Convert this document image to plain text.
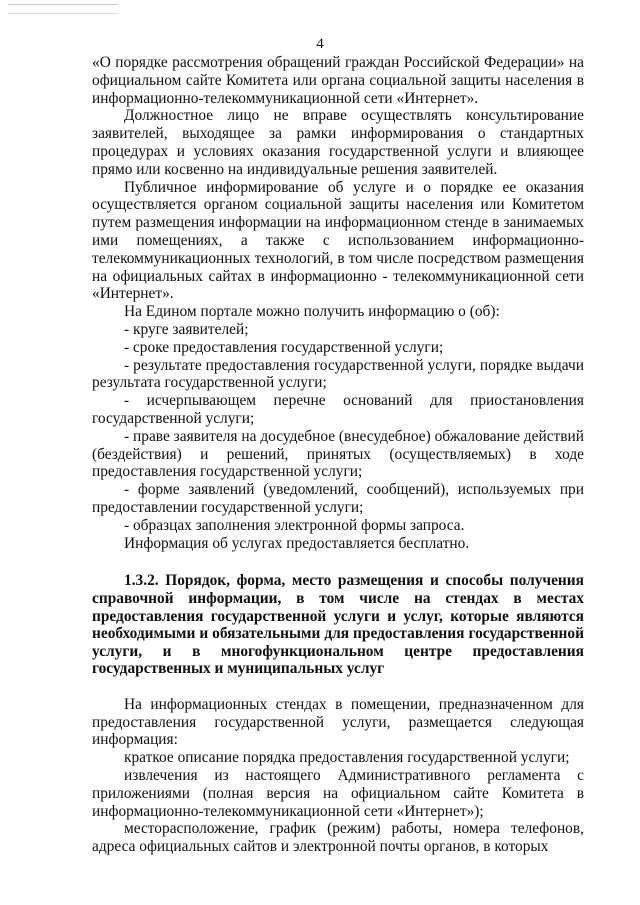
4

«О порядке рассмотрения обращений граждан Российской Федерации» на официальном сайте Комитета или органа социальной защиты населения в информационно-телекоммуникационной сети «Интернет».

Должностное лицо не вправе осуществлять консультирование заявителей, выходящее за рамки информирования о стандартных процедурах и условиях оказания государственной услуги и влияющее прямо или косвенно на индивидуальные решения заявителей.

Публичное информирование об услуге и о порядке ее оказания осуществляется органом социальной защиты населения или Комитетом путем размещения информации на информационном стенде в занимаемых ими помещениях, а также с использованием информационно-телекоммуникационных технологий, в том числе посредством размещения на официальных сайтах в информационно - телекоммуникационной сети «Интернет».

На Едином портале можно получить информацию о (об):

- круге заявителей;

- сроке предоставления государственной услуги;

- результате предоставления государственной услуги, порядке выдачи результата государственной услуги;

- исчерпывающем перечне оснований для приостановления государственной услуги;

- праве заявителя на досудебное (внесудебное) обжалование действий (бездействия) и решений, принятых (осуществляемых) в ходе предоставления государственной услуги;

- форме заявлений (уведомлений, сообщений), используемых при предоставлении государственной услуги;

- образцах заполнения электронной формы запроса.

Информация об услугах предоставляется бесплатно.

1.3.2. Порядок, форма, место размещения и способы получения справочной информации, в том числе на стендах в местах предоставления государственной услуги и услуг, которые являются необходимыми и обязательными для предоставления государственной услуги, и в многофункциональном центре предоставления государственных и муниципальных услуг

На информационных стендах в помещении, предназначенном для предоставления государственной услуги, размещается следующая информация:

краткое описание порядка предоставления государственной услуги;

извлечения из настоящего Административного регламента с приложениями (полная версия на официальном сайте Комитета в информационно-телекоммуникационной сети «Интернет»);

месторасположение, график (режим) работы, номера телефонов, адреса официальных сайтов и электронной почты органов, в которых
